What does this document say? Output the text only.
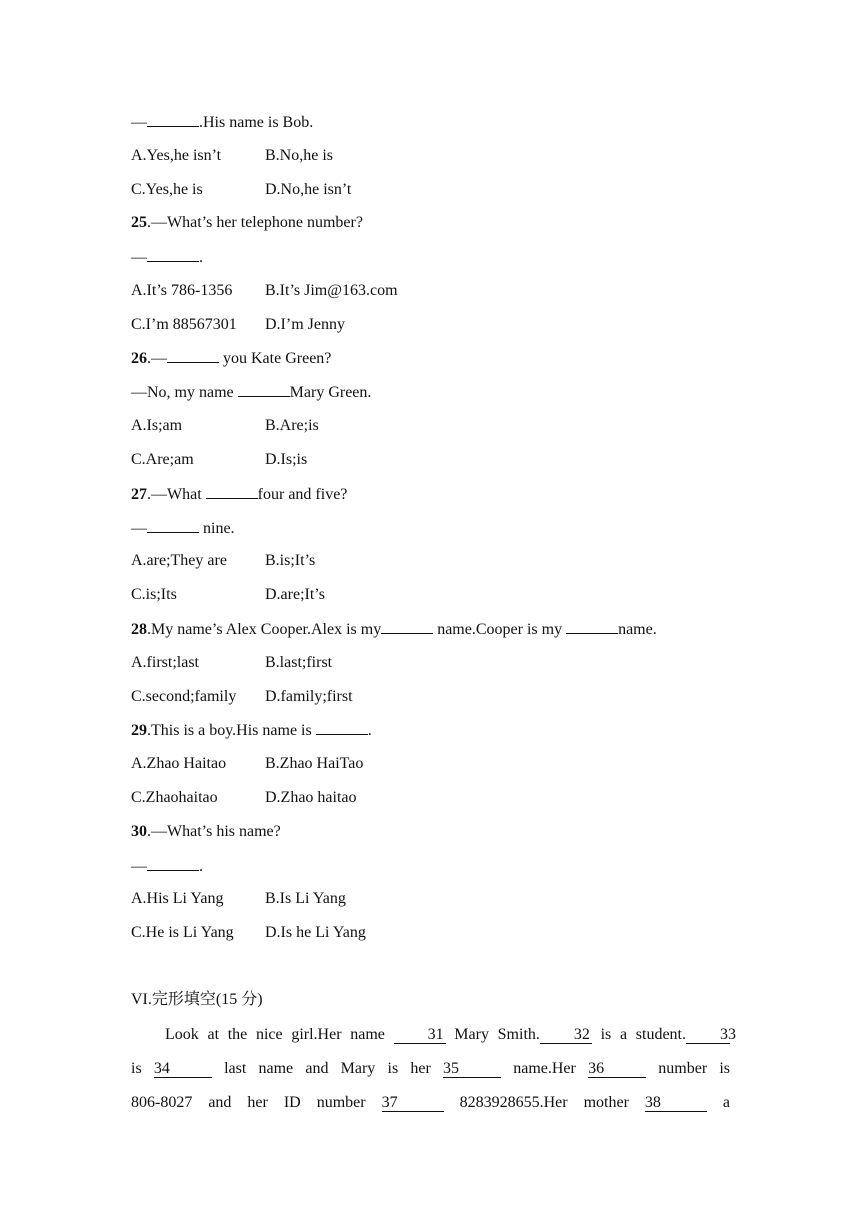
—	.His name is Bob.
A.Yes,he isn’t	B.No,he is
C.Yes,he is	D.No,he isn’t
25.—What’s her telephone number?
—	.
A.It’s 786-1356 B.It’s Jim@163.com
C.I’m 88567301 D.I’m Jenny
26.—	you Kate Green?
—No, my name	Mary Green.
A.Is;am	B.Are;is
C.Are;am	D.Is;is
27.—What	four and five?
—	nine.
A.are;They are B.is;It’s
C.is;Its	D.are;It’s
28.My name’s Alex Cooper.Alex is my	name.Cooper is my	name.
A.first;last	B.last;first
C.second;family D.family;first
29.This is a boy.His name is	.
A.Zhao Haitao B.Zhao HaiTao
C.Zhaohaitao	D.Zhao haitao
30.—What’s his name?
—	.
A.His Li Yang	B.Is Li Yang
C.He is Li Yang D.Is he Li Yang
VI.完形填空(15 分)
Look at the nice girl.Her name	31 Mary Smith. 32 is a student. 33
is 34	last name and Mary is her 35	name.Her 36	number is
806-8027 and her ID number 37	8283928655.Her mother 38	a
